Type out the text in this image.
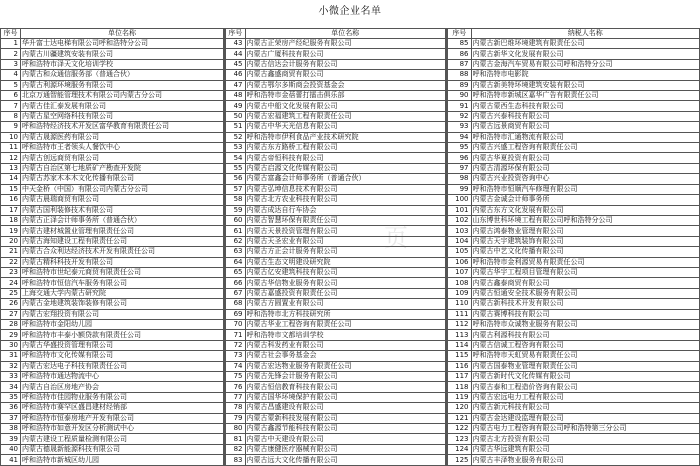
小微企业名单
页
序号	单位名称
1	华升富士达电梯有限公司呼和浩特分公司
2	内蒙古川疆建筑安装有限公司
3	呼和浩特市泽天文化培训学校
4	内蒙古和众通信服务部（普通合伙）
5	内蒙古利源环境服务有限公司
6	北京万通智能管理技术有限公司内蒙古分公司
7	内蒙古佳汇泰发展有限公司
8	内蒙古星空网络科技有限公司
9	呼和浩特经济技术开发区富华教育有限责任公司
10	内蒙古晟源医药有限公司
11	呼和浩特市王者领头人餐饮中心
12	内蒙古创远商贸有限公司
13	内蒙古自治区第七地质矿产勘查开发院
14	内蒙古苏家木本木文化传播有限公司
15	中天金桥（中国）有限公司内蒙古分公司
16	内蒙古晨瑞商贸有限公司
17	内蒙古国利装修技术有限公司
18	内蒙古正泽会计师事务所（普通合伙）
19	内蒙古建材城置业管理有限责任公司
20	内蒙古海知建设工程有限责任公司
21	内蒙古合众利达经济技术开发有限责任公司
22	内蒙古精科科技开发有限公司
23	呼和浩特市世纪泰元商贸有限责任公司
24	呼和浩特市恒信汽车服务有限公司
25	上海交通大学内蒙古研究院
26	内蒙古金地建筑装饰装修有限公司
27	内蒙古宏翔投资有限公司
28	呼和浩特市金阳幼儿园
29	呼和浩特市丰泰小额贷款有限责任公司
30	内蒙古华盛投资管理有限公司
31	呼和浩特市文化传媒有限公司
32	内蒙古宏达电子科技有限责任公司
33	呼和浩特市通达物流中心
34	内蒙古自治区房地产协会
35	呼和浩特市佳园物业服务有限公司
36	呼和浩特市赛罕区盛昌建材经销部
37	呼和浩特市恒泰房地产开发有限公司
38	呼和浩特市如意开发区分析测试中心
39	内蒙古建设工程质量检测有限公司
40	内蒙古德晟新能源科技有限公司
41	呼和浩特市新城区幼儿园
序号	单位名称
43	内蒙古正荣房产经纪服务有限公司
44	内蒙古广厦科技有限公司
45	内蒙古信达会计服务有限公司
46	内蒙古鑫盛商贸有限公司
47	内蒙古鄂尔多斯商会投资基金会
48	呼和浩特市金蓓蕾打擂击俱乐部
49	内蒙古中船文化发展有限公司
50	内蒙古宏福建筑工程有限责任公司
51	内蒙古中华天光信息有限公司
52	呼和浩特市伊利食品产业技术研究院
53	内蒙古东方路桥工程有限公司
54	内蒙古帝恒科技有限公司
55	内蒙古启源文化传媒有限公司
56	内蒙古富鑫会计师事务所（普通合伙）
57	内蒙古弘坤信息技术有限公司
58	内蒙古北方农业科技有限公司
59	内蒙古成达自行车协会
60	内蒙古智慧环保有限责任公司
61	内蒙古天景投资管理有限公司
62	内蒙古天圣宏业有限公司
63	内蒙古方正会计服务有限公司
64	内蒙古生态文明建设研究院
65	内蒙古亿安建筑科技有限公司
66	内蒙古华信物业服务有限公司
67	内蒙古嘉盛投资有限责任公司
68	内蒙古方圆置业有限公司
69	呼和浩特市北方科技研究所
70	内蒙古华业工程咨询有限责任公司
71	呼和浩特市文都培训学校
72	内蒙古科发药业有限公司
73	内蒙古社会事务基金会
74	内蒙古宏达物业服务有限责任公司
75	内蒙古先锋会计服务有限公司
76	内蒙古恒信教育科技有限公司
77	内蒙古国华环境保护有限公司
78	内蒙古昌盛建设有限公司
79	内蒙古蒙新科技发展有限公司
80	内蒙古鑫源节能科技有限公司
81	内蒙古中天建设有限公司
82	内蒙古康健医疗器械有限公司
83	内蒙古远大文化传播有限公司
序号	纳税人名称
85	内蒙古新巴维环境建筑有限责任公司
86	内蒙古新华文化发展有限公司
87	内蒙古金海汽车贸易有限公司呼和浩特分公司
88	呼和浩特市电影院
89	内蒙古新美特环境建筑安装有限公司
90	呼和浩特市新城区嘉华广告有限责任公司
91	内蒙古蒙西生态科技有限公司
92	内蒙古兴泰科技有限公司
93	内蒙古远景商贸有限公司
94	呼和浩特市汇通物流有限公司
95	内蒙古兴盛工程咨询有限责任公司
96	内蒙古华夏投资有限公司
97	内蒙古清源环保有限公司
98	内蒙古兴业投资咨询中心
99	呼和浩特市恒顺汽车修理有限公司
100	内蒙古金诚会计师事务所
101	内蒙古东方文化发展有限公司
102	山东博世科环境工程有限公司呼和浩特分公司
103	内蒙古鸿泰物业管理有限公司
104	内蒙古天宇建筑装饰有限公司
105	内蒙古中艺文化传播有限公司
106	呼和浩特市金利源贸易有限责任公司
107	内蒙古华宇工程项目管理有限公司
108	内蒙古鑫泰商贸有限公司
109	内蒙古恒通安全技术服务有限公司
110	内蒙古新科技术开发有限公司
111	内蒙古赛博科技有限公司
112	呼和浩特市众诚物业服务有限公司
113	内蒙古利源科技有限公司
114	内蒙古信诚工程咨询有限公司
115	呼和浩特市天虹贸易有限责任公司
116	内蒙古国泰物业管理有限责任公司
117	内蒙古新时代文化传媒有限公司
118	内蒙古泰和工程造价咨询有限公司
119	内蒙古宏远电力工程有限公司
120	内蒙古新元科技有限公司
121	内蒙古金达建设监理有限公司
122	内蒙古电力工程咨询有限公司呼和浩特第三分公司
123	内蒙古北方投资有限公司
124	内蒙古华远建筑有限公司
125	内蒙古丰泽物业服务有限公司
